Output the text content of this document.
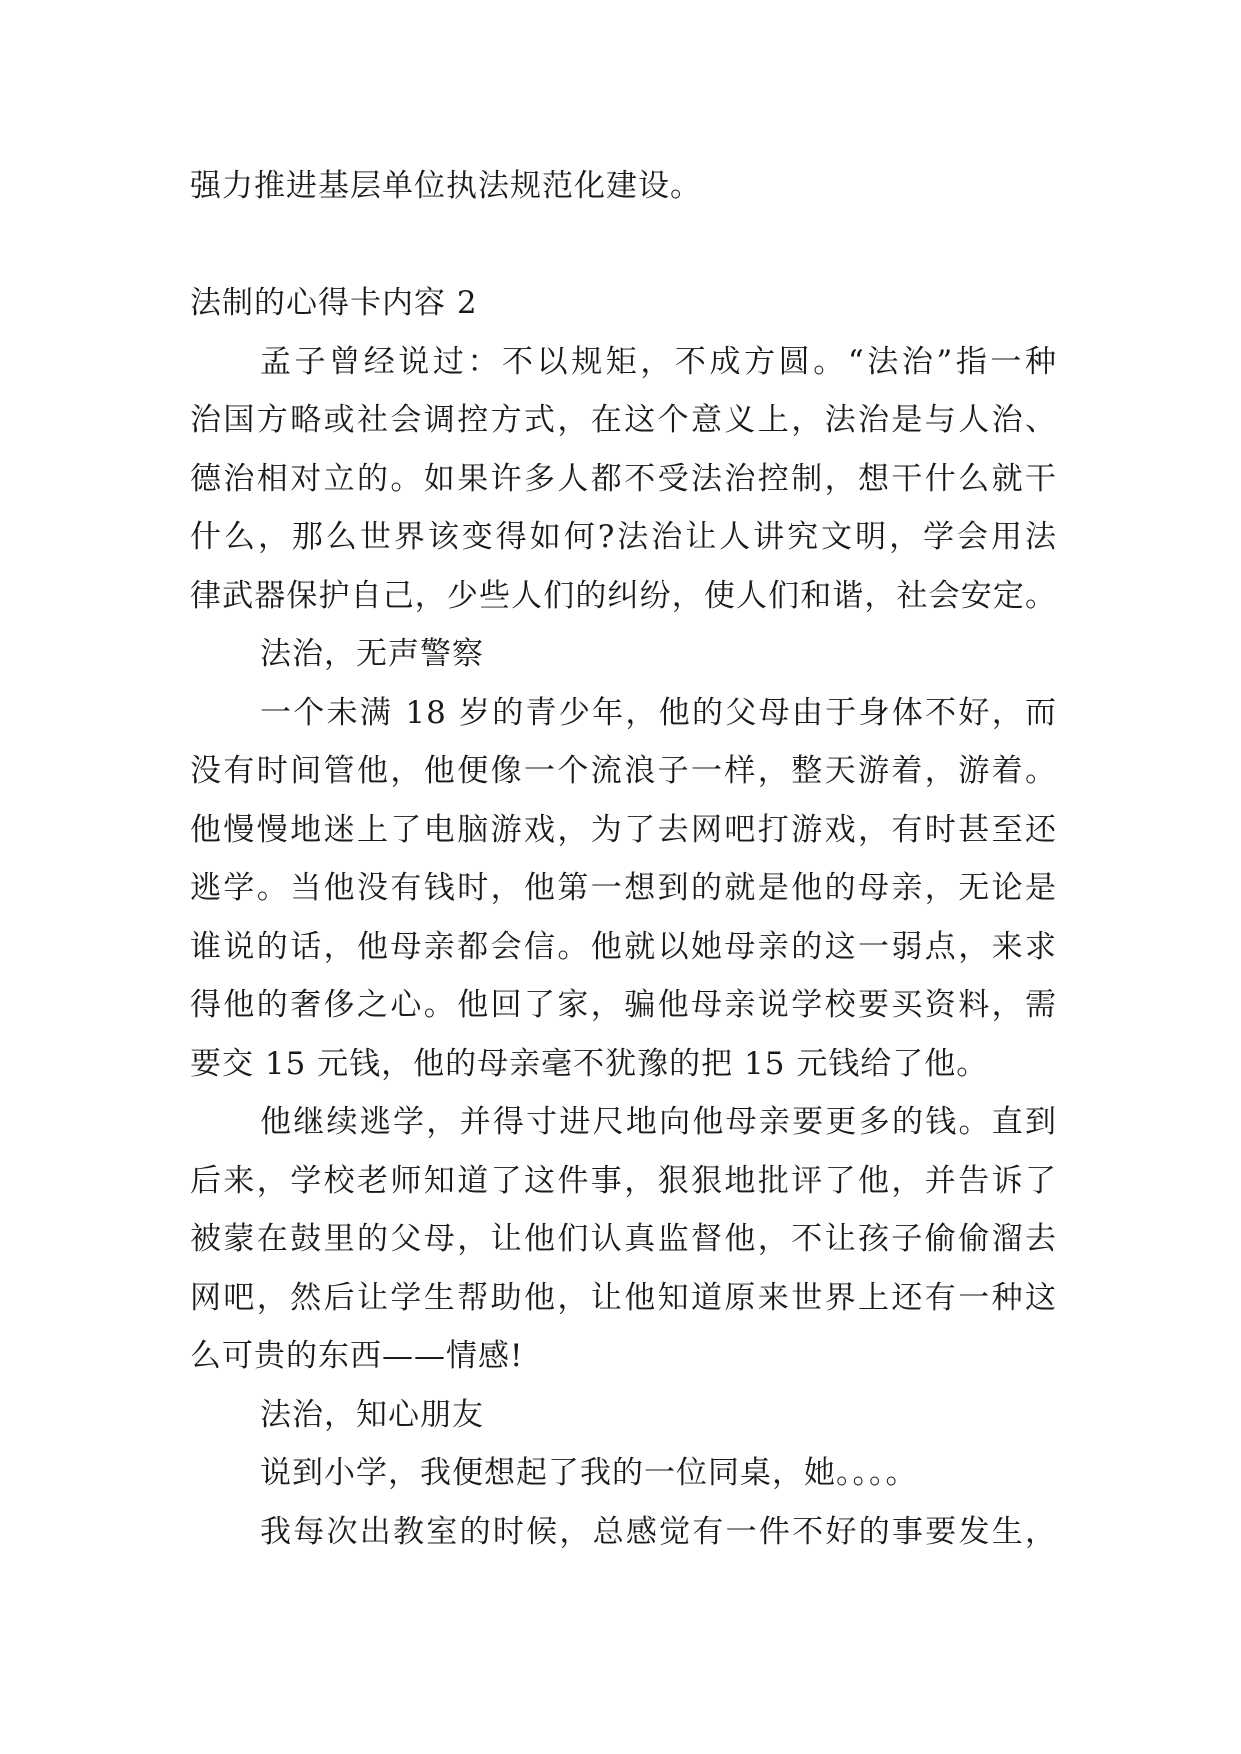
强力推进基层单位执法规范化建设。
法制的心得卡内容 2
孟子曾经说过：不以规矩，不成方圆。“法治”指一种
治国方略或社会调控方式，在这个意义上，法治是与人治、
德治相对立的。如果许多人都不受法治控制，想干什么就干
什么，那么世界该变得如何?法治让人讲究文明，学会用法
律武器保护自己，少些人们的纠纷，使人们和谐，社会安定。
法治，无声警察
一个未满 18 岁的青少年，他的父母由于身体不好，而
没有时间管他，他便像一个流浪子一样，整天游着，游着。
他慢慢地迷上了电脑游戏，为了去网吧打游戏，有时甚至还
逃学。当他没有钱时，他第一想到的就是他的母亲，无论是
谁说的话，他母亲都会信。他就以她母亲的这一弱点，来求
得他的奢侈之心。他回了家，骗他母亲说学校要买资料，需
要交 15 元钱，他的母亲毫不犹豫的把 15 元钱给了他。
他继续逃学，并得寸进尺地向他母亲要更多的钱。直到
后来，学校老师知道了这件事，狠狠地批评了他，并告诉了
被蒙在鼓里的父母，让他们认真监督他，不让孩子偷偷溜去
网吧，然后让学生帮助他，让他知道原来世界上还有一种这
么可贵的东西——情感!
法治，知心朋友
说到小学，我便想起了我的一位同桌，她。。。。
我每次出教室的时候，总感觉有一件不好的事要发生，
